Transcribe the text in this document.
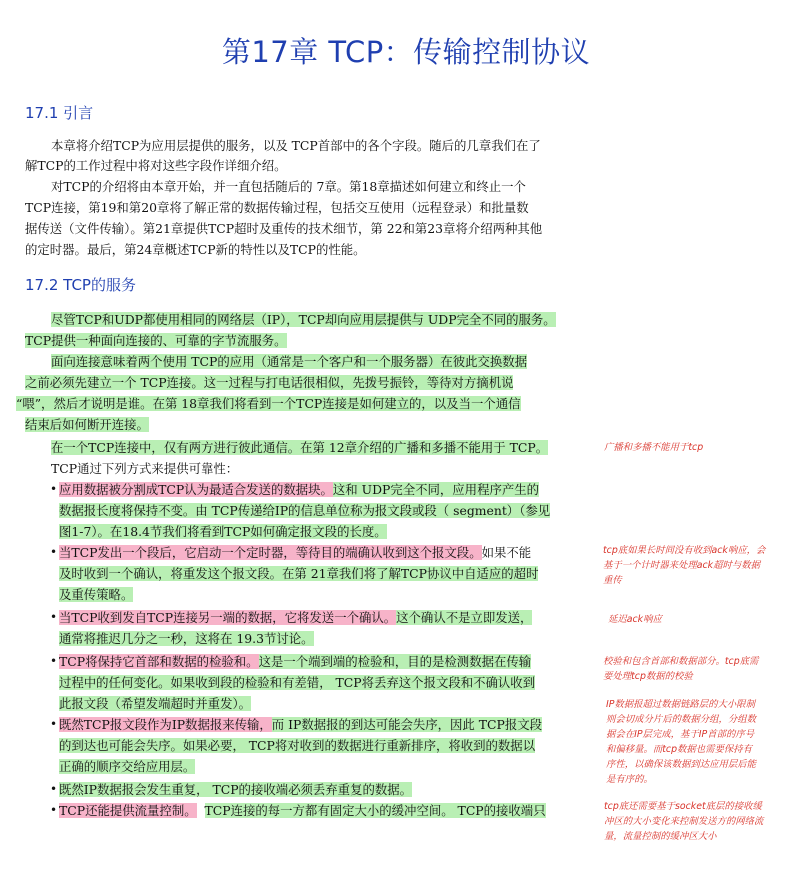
第17章 TCP：传输控制协议
17.1 引言

本章将介绍TCP为应用层提供的服务，以及 TCP首部中的各个字段。随后的几章我们在了

解TCP的工作过程中将对这些字段作详细介绍。

对TCP的介绍将由本章开始，并一直包括随后的 7章。第18章描述如何建立和终止一个

TCP连接，第19和第20章将了解正常的数据传输过程，包括交互使用（远程登录）和批量数

据传送（文件传输）。第21章提供TCP超时及重传的技术细节，第 22和第23章将介绍两种其他

的定时器。最后，第24章概述TCP新的特性以及TCP的性能。

17.2 TCP的服务

尽管TCP和UDP都使用相同的网络层（IP），TCP却向应用层提供与 UDP完全不同的服务。

TCP提供一种面向连接的、可靠的字节流服务。

面向连接意味着两个使用 TCP的应用（通常是一个客户和一个服务器）在彼此交换数据

之前必须先建立一个 TCP连接。这一过程与打电话很相似，先拨号振铃，等待对方摘机说

“喂”，然后才说明是谁。在第 18章我们将看到一个TCP连接是如何建立的，以及当一个通信

结束后如何断开连接。

在一个TCP连接中，仅有两方进行彼此通信。在第 12章介绍的广播和多播不能用于 TCP。

TCP通过下列方式来提供可靠性：

• 应用数据被分割成TCP认为最适合发送的数据块。这和 UDP完全不同，应用程序产生的

数据报长度将保持不变。由 TCP传递给IP的信息单位称为报文段或段（ segment）（参见

图1-7）。在18.4节我们将看到TCP如何确定报文段的长度。

• 当TCP发出一个段后，它启动一个定时器，等待目的端确认收到这个报文段。如果不能

及时收到一个确认，将重发这个报文段。在第 21章我们将了解TCP协议中自适应的超时

及重传策略。

• 当TCP收到发自TCP连接另一端的数据，它将发送一个确认。这个确认不是立即发送，

通常将推迟几分之一秒，这将在 19.3节讨论。

• TCP将保持它首部和数据的检验和。这是一个端到端的检验和，目的是检测数据在传输

过程中的任何变化。如果收到段的检验和有差错， TCP将丢弃这个报文段和不确认收到

此报文段（希望发端超时并重发）。

• 既然TCP报文段作为IP数据报来传输，而 IP数据报的到达可能会失序，因此 TCP报文段

的到达也可能会失序。如果必要， TCP将对收到的数据进行重新排序，将收到的数据以

正确的顺序交给应用层。

• 既然IP数据报会发生重复， TCP的接收端必须丢弃重复的数据。

• TCP还能提供流量控制。 TCP连接的每一方都有固定大小的缓冲空间。 TCP的接收端只

广播和多播不能用于tcp

tcp底如果长时间没有收到ack响应，会

基于一个计时器来处理ack超时与数据

重传

延迟ack响应

校验和包含首部和数据部分。tcp底需

要处理tcp数据的校验

IP数据报超过数据链路层的大小限制

则会切成分片后的数据分组，分组数

据会在IP层完成，基于IP首部的序号

和偏移量。而tcp数据也需要保持有

序性，以确保该数据到达应用层后能

是有序的。

tcp底还需要基于socket底层的接收缓

冲区的大小变化来控制发送方的网络流

量，流量控制的缓冲区大小
